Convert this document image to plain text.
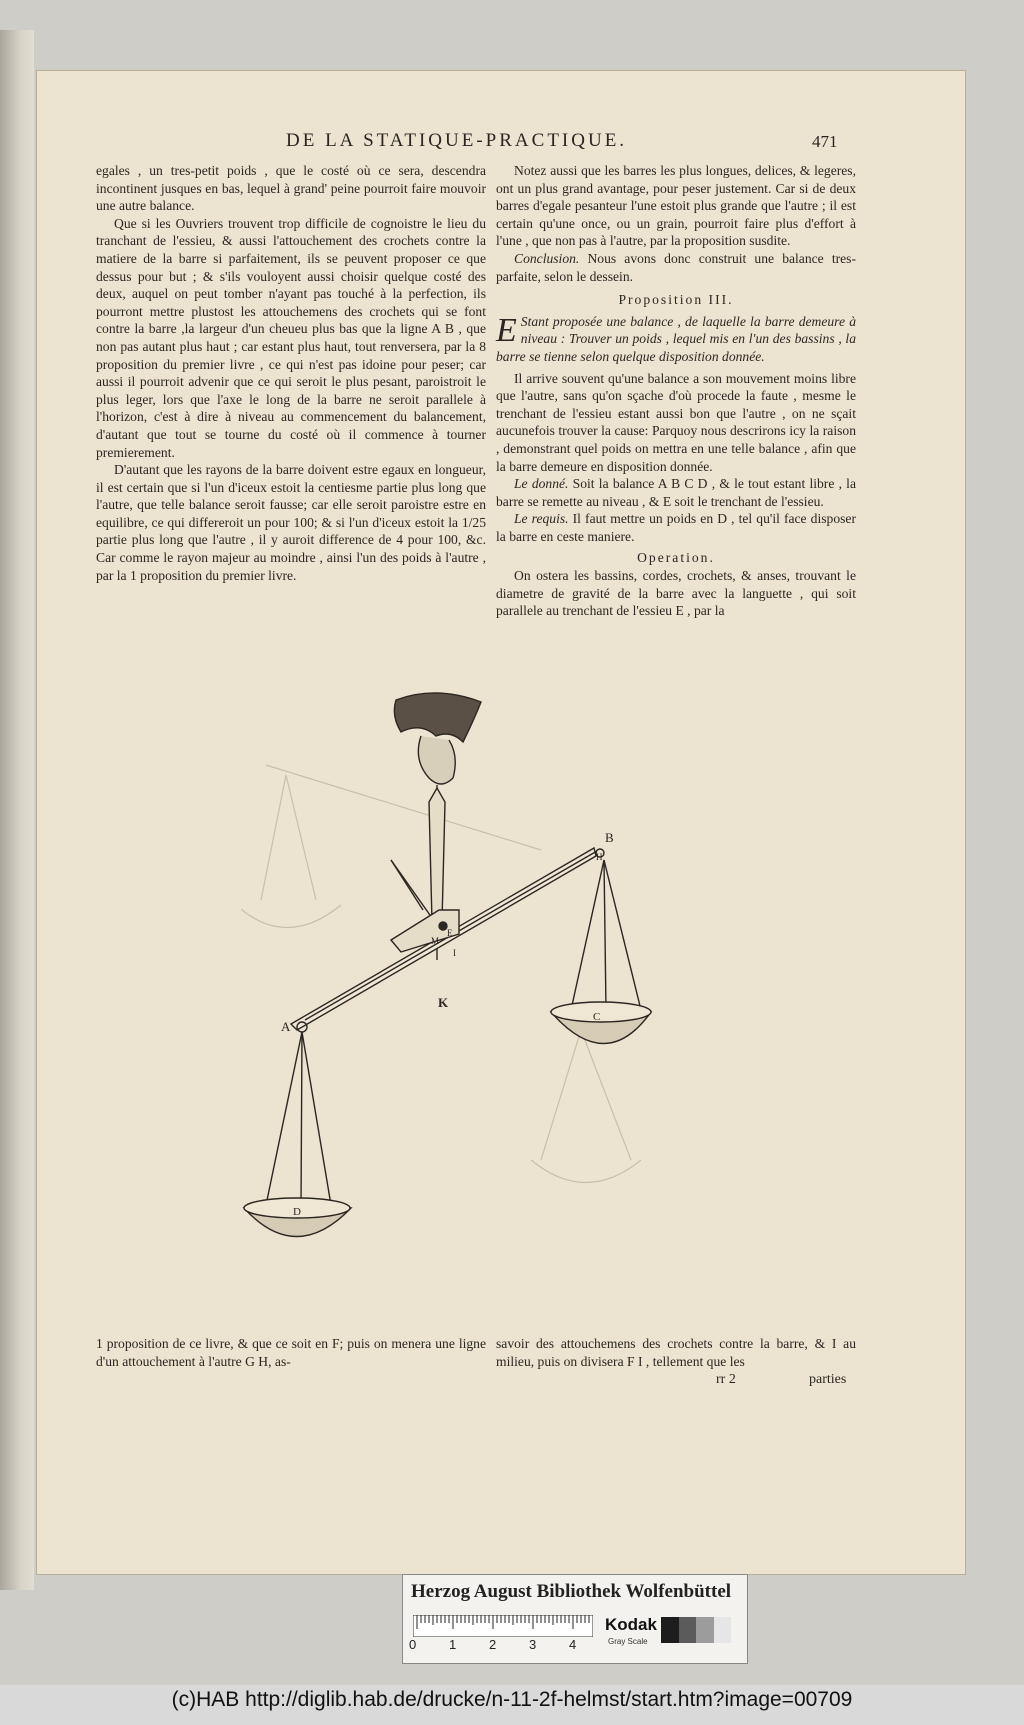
DE LA STATIQUE-PRACTIQUE.	471

egales , un tres-petit poids , que le costé où ce sera, descendra incontinent jusques en bas, lequel à grand' peine pourroit faire mouvoir une autre balance.

Que si les Ouvriers trouvent trop difficile de cognoistre le lieu du tranchant de l'essieu, & aussi l'attouchement des crochets contre la matiere de la barre si parfaitement, ils se peuvent proposer ce que dessus pour but ; & s'ils vouloyent aussi choisir quelque costé des deux, auquel on peut tomber n'ayant pas touché à la perfection, ils pourront mettre plustost les attouchemens des crochets qui se font contre la barre ,la largeur d'un cheueu plus bas que la ligne A B , que non pas autant plus haut ; car estant plus haut, tout renversera, par la 8 proposition du premier livre , ce qui n'est pas idoine pour peser; car aussi il pourroit advenir que ce qui seroit le plus pesant, paroistroit le plus leger, lors que l'axe le long de la barre ne seroit parallele à l'horizon, c'est à dire à niveau au commencement du balancement, d'autant que tout se tourne du costé où il commence à tourner premierement.

D'autant que les rayons de la barre doivent estre egaux en longueur, il est certain que si l'un d'iceux estoit la centiesme partie plus long que l'autre, que telle balance seroit fausse; car elle seroit paroistre estre en equilibre, ce qui differeroit un pour 100; & si l'un d'iceux estoit la 1/25 partie plus long que l'autre , il y auroit difference de 4 pour 100, &c. Car comme le rayon majeur au moindre , ainsi l'un des poids à l'autre , par la 1 proposition du premier livre.

Notez aussi que les barres les plus longues, delices, & legeres, ont un plus grand avantage, pour peser justement. Car si de deux barres d'egale pesanteur l'une estoit plus grande que l'autre ; il est certain qu'une once, ou un grain, pourroit faire plus d'effort à l'une , que non pas à l'autre, par la proposition susdite.

Conclusion. Nous avons donc construit une balance tres-parfaite, selon le dessein.

Proposition III.

E Stant proposée une balance , de laquelle la barre demeure à niveau : Trouver un poids , lequel mis en l'un des bassins , la barre se tienne selon quelque disposition donnée.

Il arrive souvent qu'une balance a son mouvement moins libre que l'autre, sans qu'on sçache d'où procede la faute , mesme le trenchant de l'essieu estant aussi bon que l'autre , on ne sçait aucunefois trouver la cause: Parquoy nous descrirons icy la raison , demonstrant quel poids on mettra en une telle balance , afin que la barre demeure en disposition donnée.

Le donné. Soit la balance A B C D , & le tout estant libre , la barre se remette au niveau , & E soit le trenchant de l'essieu.

Le requis. Il faut mettre un poids en D , tel qu'il face disposer la barre en ceste maniere.

Operation.

On ostera les bassins, cordes, crochets, & anses, trouvant le diametre de gravité de la barre avec la languette , qui soit parallele au trenchant de l'essieu E , par la

B
H
E
M
I
K
A
C
D
1 proposition de ce livre, & que ce soit en F; puis on menera une ligne d'un attouchement à l'autre G H, as-
savoir des attouchemens des crochets contre la barre, & I au milieu, puis on divisera F I , tellement que les
rr 2	parties
Herzog August Bibliothek Wolfenbüttel
0	1	2	3	4
Kodak
Gray Scale
(c)HAB http://diglib.hab.de/drucke/n-11-2f-helmst/start.htm?image=00709
